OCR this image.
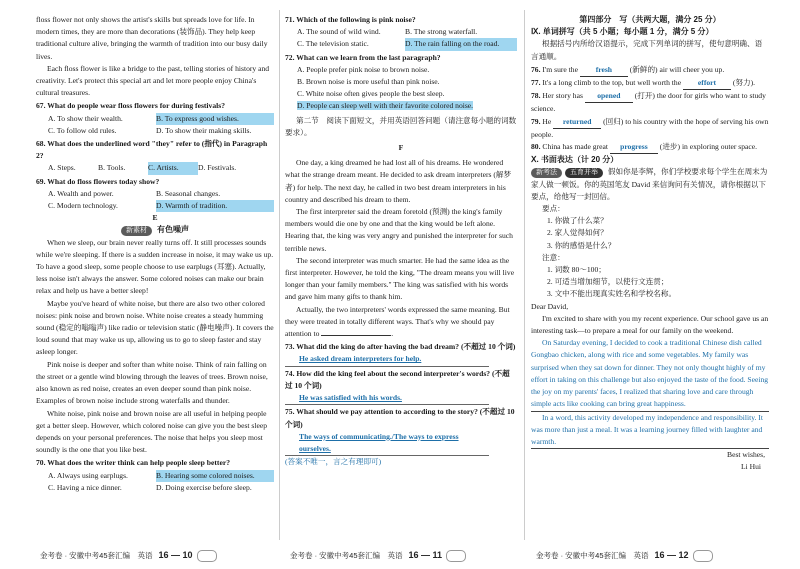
floss flower not only shows the artist's skills but spreads love for life. In modern times, they are more than decorations (装饰品). They help keep traditional culture alive, bringing the warmth of tradition into our busy daily lives.

Each floss flower is like a bridge to the past, telling stories of history and creativity. Let's protect this special art and let more people enjoy China's cultural treasures.

67. What do people wear floss flowers for during festivals?

A. To show their wealth.	B. To express good wishes.
C. To follow old rules.	D. To show their making skills.

68. What does the underlined word "they" refer to (指代) in Paragraph 2?

A. Steps.	B. Tools.	C. Artists.	D. Festivals.

69. What do floss flowers today show?

A. Wealth and power.	B. Seasonal changes.
C. Modern technology.	D. Warmth of tradition.

E

新素材 有色噪声

When we sleep, our brain never really turns off. It still processes sounds while we're sleeping. If there is a sudden increase in noise, it may wake us up. To have a good sleep, some people choose to use earplugs (耳塞). Actually, less noise isn't always the answer. Some colored noises can make our brain relax and help us have a better sleep!

Maybe you've heard of white noise, but there are also two other colored noises: pink noise and brown noise. White noise creates a steady humming sound (稳定的嗡嗡声) like radio or television static (静电噪声). It covers the loud sound that may wake us up, allowing us to go to sleep faster and stay asleep longer.

Pink noise is deeper and softer than white noise. Think of rain falling on the street or a gentle wind blowing through the leaves of trees. Brown noise, also known as red noise, creates an even deeper sound than pink noise. Examples of brown noise include strong waterfalls and thunder.

White noise, pink noise and brown noise are all useful in helping people get a better sleep. However, which colored noise can give you the best sleep depends on your personal preferences. The noise that helps you sleep most soundly is the one that you like best.

70. What does the writer think can help people sleep better?

A. Always using earplugs.	B. Hearing some colored noises.
C. Having a nice dinner.	D. Doing exercise before sleep.

71. Which of the following is pink noise?

A. The sound of wild wind.	B. The strong waterfall.
C. The television static.	D. The rain falling on the road.

72. What can we learn from the last paragraph?

A. People prefer pink noise to brown noise.

B. Brown noise is more useful than pink noise.

C. White noise often gives people the best sleep.

D. People can sleep well with their favorite colored noise.

第二节　阅读下面短文，并用英语回答问题（请注意每小题的词数要求）。

F

One day, a king dreamed he had lost all of his dreams. He wondered what the strange dream meant. He decided to ask dream interpreters (解梦者) for help. The next day, he called in two best dream interpreters in his country and described his dream to them.

The first interpreter said the dream foretold (预测) the king's family members would die one by one and that the king would be left alone. Hearing that, the king was very angry and punished the interpreter for such terrible news.

The second interpreter was much smarter. He had the same idea as the first interpreter. However, he told the king, "The dream means you will live longer than your family members." The king was satisfied with his words and gave him many gifts to thank him.

Actually, the two interpreters' words expressed the same meaning. But they were treated in totally different ways. That's why we should pay attention to	.

73. What did the king do after having the bad dream? (不超过 10 个词)

He asked dream interpreters for help.

74. How did the king feel about the second interpreter's words? (不超过 10 个词)

He was satisfied with his words.

75. What should we pay attention to according to the story? (不超过 10 个词)

The ways of communicating./The ways to express ourselves.

(答案不唯一，言之有理即可)

第四部分　写（共两大题，满分 25 分）

Ⅸ. 单词拼写（共 5 小题；每小题 1 分，满分 5 分）

根据括号内所给汉语提示，完成下列单词的拼写，使句意明确、语言通顺。

76. I'm sure the fresh (新鲜的) air will cheer you up.

77. It's a long climb to the top, but well worth the effort (努力).

78. Her story has opened (打开) the door for girls who want to study science.

79. He returned (回归) to his country with the hope of serving his own people.

80. China has made great progress (进步) in exploring outer space.

Ⅹ. 书面表达（计 20 分）

新考法 五育并举 假如你是李辉，你们学校要求每个学生在周末为家人做一顿饭。你的英国笔友 David 来信询问有关情况，请你根据以下要点，给他写一封回信。

要点：

1. 你做了什么菜？

2. 家人觉得如何？

3. 你的感悟是什么？

注意：

1. 词数 80～100；

2. 可适当增加细节，以使行文连贯；

3. 文中不能出现真实姓名和学校名称。

Dear David,

I'm excited to share with you my recent experience. Our school gave us an interesting task—to prepare a meal for our family on the weekend.

On Saturday evening, I decided to cook a traditional Chinese dish called Gongbao chicken, along with rice and some vegetables. My family was surprised when they sat down for dinner. They not only thought highly of my effort in taking on this challenge but also enjoyed the taste of the food. Seeing the joy on my parents' faces, I realized that sharing love and care through simple acts like cooking can bring great happiness.

In a word, this activity developed my independence and responsibility. It was more than just a meal. It was a learning journey filled with laughter and warmth.

Best wishes,

Li Hui

金考卷 · 安徽中考45套汇编　英语 16 — 10	金考卷 · 安徽中考45套汇编　英语 16 — 11	金考卷 · 安徽中考45套汇编　英语 16 — 12
